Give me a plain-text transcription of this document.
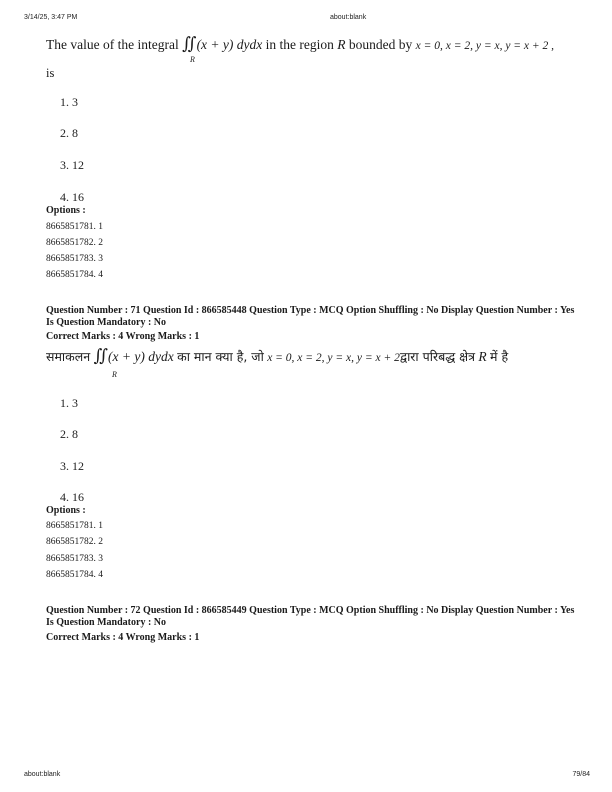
3/14/25, 3:47 PM	about:blank
The value of the integral ∬(x + y) dydx in the region R bounded by x = 0, x = 2, y = x, y = x + 2 ,
R
is
1. 3
2. 8
3. 12
4. 16
Options :
8665851781. 1
8665851782. 2
8665851783. 3
8665851784. 4
Question Number : 71 Question Id : 866585448 Question Type : MCQ Option Shuffling : No Display Question Number : Yes Is Question Mandatory : No
Correct Marks : 4 Wrong Marks : 1
समाकलन ∬(x + y) dydx का मान क्या है, जो x = 0, x = 2, y = x, y = x + 2द्वारा परिबद्ध क्षेत्र R में है
R
1. 3
2. 8
3. 12
4. 16
Options :
8665851781. 1
8665851782. 2
8665851783. 3
8665851784. 4
Question Number : 72 Question Id : 866585449 Question Type : MCQ Option Shuffling : No Display Question Number : Yes Is Question Mandatory : No
Correct Marks : 4 Wrong Marks : 1
about:blank	79/84
